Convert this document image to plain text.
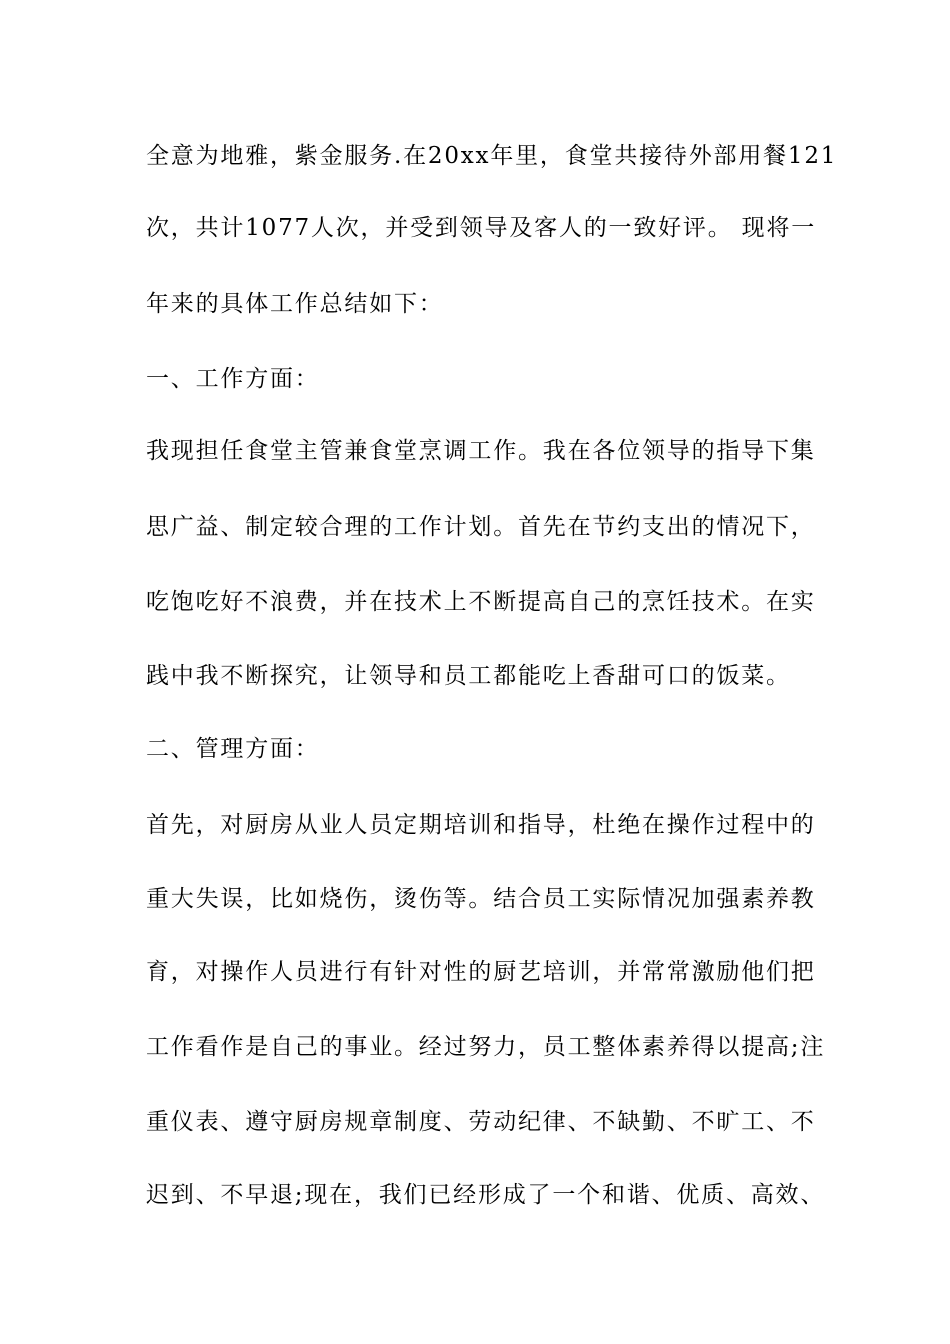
全意为地雅，紫金服务.在20xx年里，食堂共接待外部用餐121
次，共计1077人次，并受到领导及客人的一致好评。 现将一
年来的具体工作总结如下：
一、工作方面：
我现担任食堂主管兼食堂烹调工作。我在各位领导的指导下集
思广益、制定较合理的工作计划。首先在节约支出的情况下，
吃饱吃好不浪费，并在技术上不断提高自己的烹饪技术。在实
践中我不断探究，让领导和员工都能吃上香甜可口的饭菜。
二、管理方面：
首先，对厨房从业人员定期培训和指导，杜绝在操作过程中的
重大失误，比如烧伤，烫伤等。结合员工实际情况加强素养教
育，对操作人员进行有针对性的厨艺培训，并常常激励他们把
工作看作是自己的事业。经过努力，员工整体素养得以提高;注
重仪表、遵守厨房规章制度、劳动纪律、不缺勤、不旷工、不
迟到、不早退;现在，我们已经形成了一个和谐、优质、高效、
